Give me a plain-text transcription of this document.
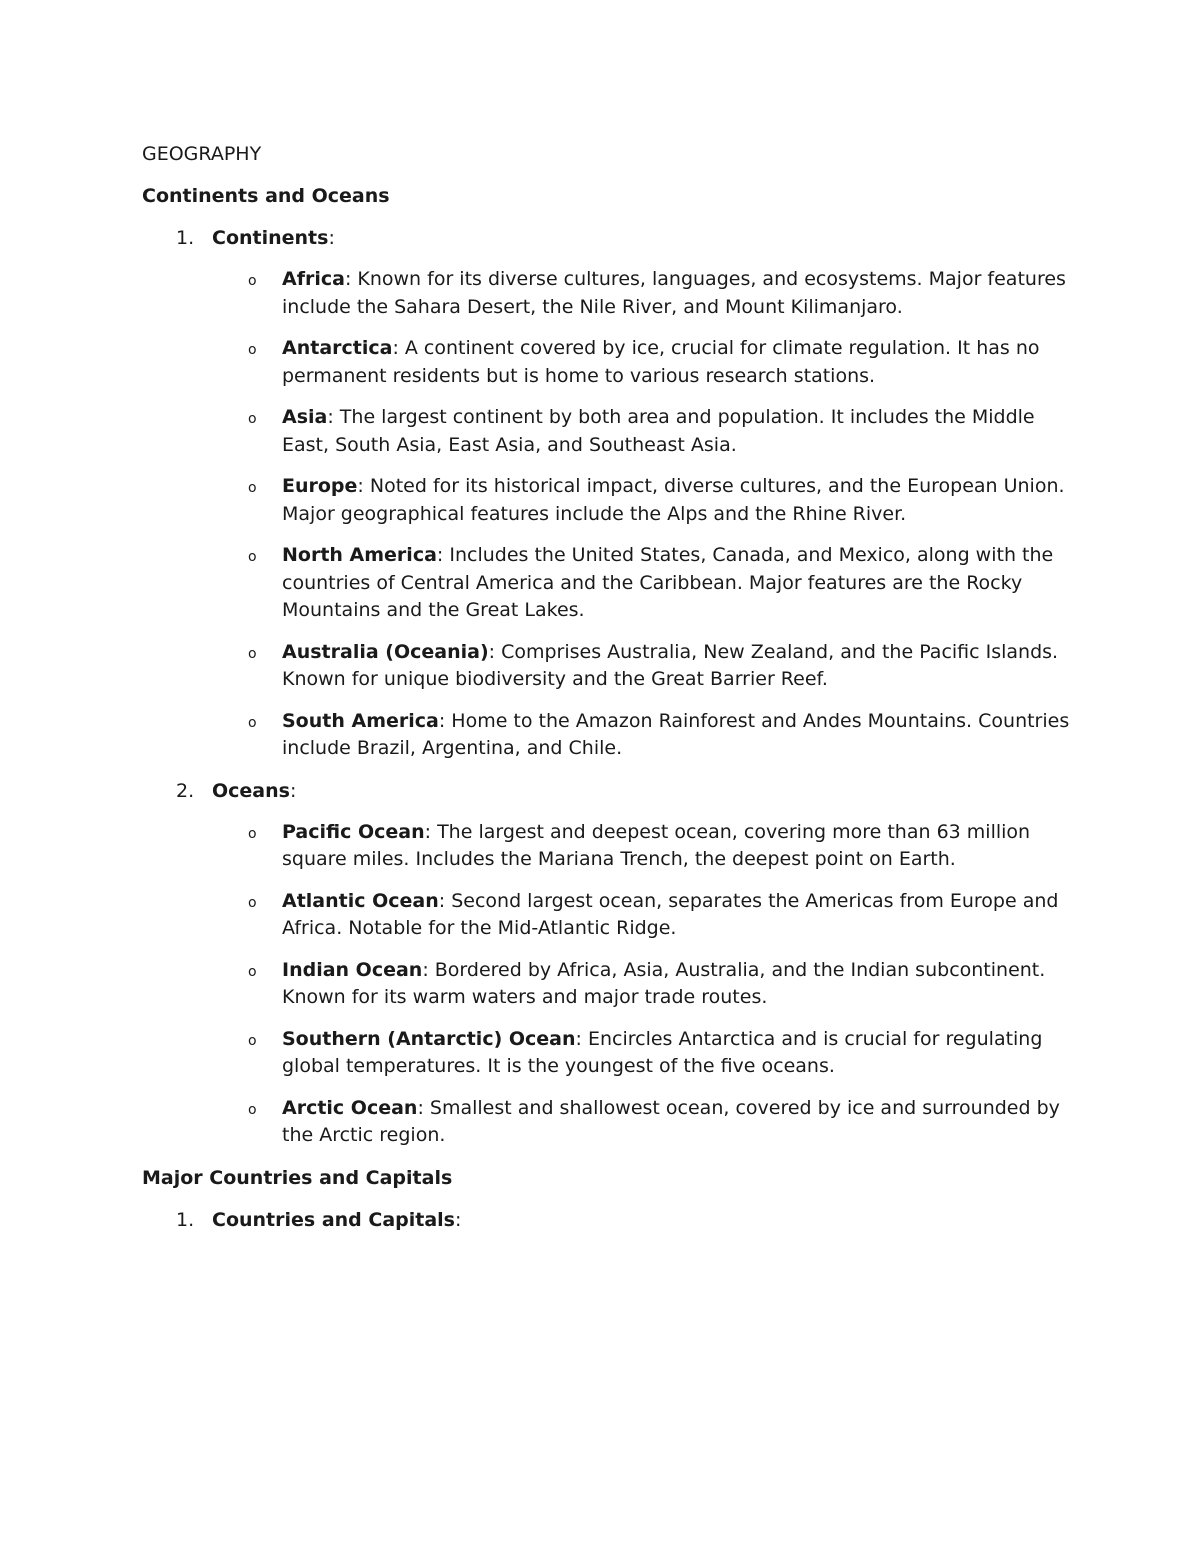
GEOGRAPHY
Continents and Oceans
1. Continents:
o Africa: Known for its diverse cultures, languages, and ecosystems. Major features include the Sahara Desert, the Nile River, and Mount Kilimanjaro.
o Antarctica: A continent covered by ice, crucial for climate regulation. It has no permanent residents but is home to various research stations.
o Asia: The largest continent by both area and population. It includes the Middle East, South Asia, East Asia, and Southeast Asia.
o Europe: Noted for its historical impact, diverse cultures, and the European Union. Major geographical features include the Alps and the Rhine River.
o North America: Includes the United States, Canada, and Mexico, along with the countries of Central America and the Caribbean. Major features are the Rocky Mountains and the Great Lakes.
o Australia (Oceania): Comprises Australia, New Zealand, and the Pacific Islands. Known for unique biodiversity and the Great Barrier Reef.
o South America: Home to the Amazon Rainforest and Andes Mountains. Countries include Brazil, Argentina, and Chile.
2. Oceans:
o Pacific Ocean: The largest and deepest ocean, covering more than 63 million square miles. Includes the Mariana Trench, the deepest point on Earth.
o Atlantic Ocean: Second largest ocean, separates the Americas from Europe and Africa. Notable for the Mid-Atlantic Ridge.
o Indian Ocean: Bordered by Africa, Asia, Australia, and the Indian subcontinent. Known for its warm waters and major trade routes.
o Southern (Antarctic) Ocean: Encircles Antarctica and is crucial for regulating global temperatures. It is the youngest of the five oceans.
o Arctic Ocean: Smallest and shallowest ocean, covered by ice and surrounded by the Arctic region.
Major Countries and Capitals
1. Countries and Capitals:
